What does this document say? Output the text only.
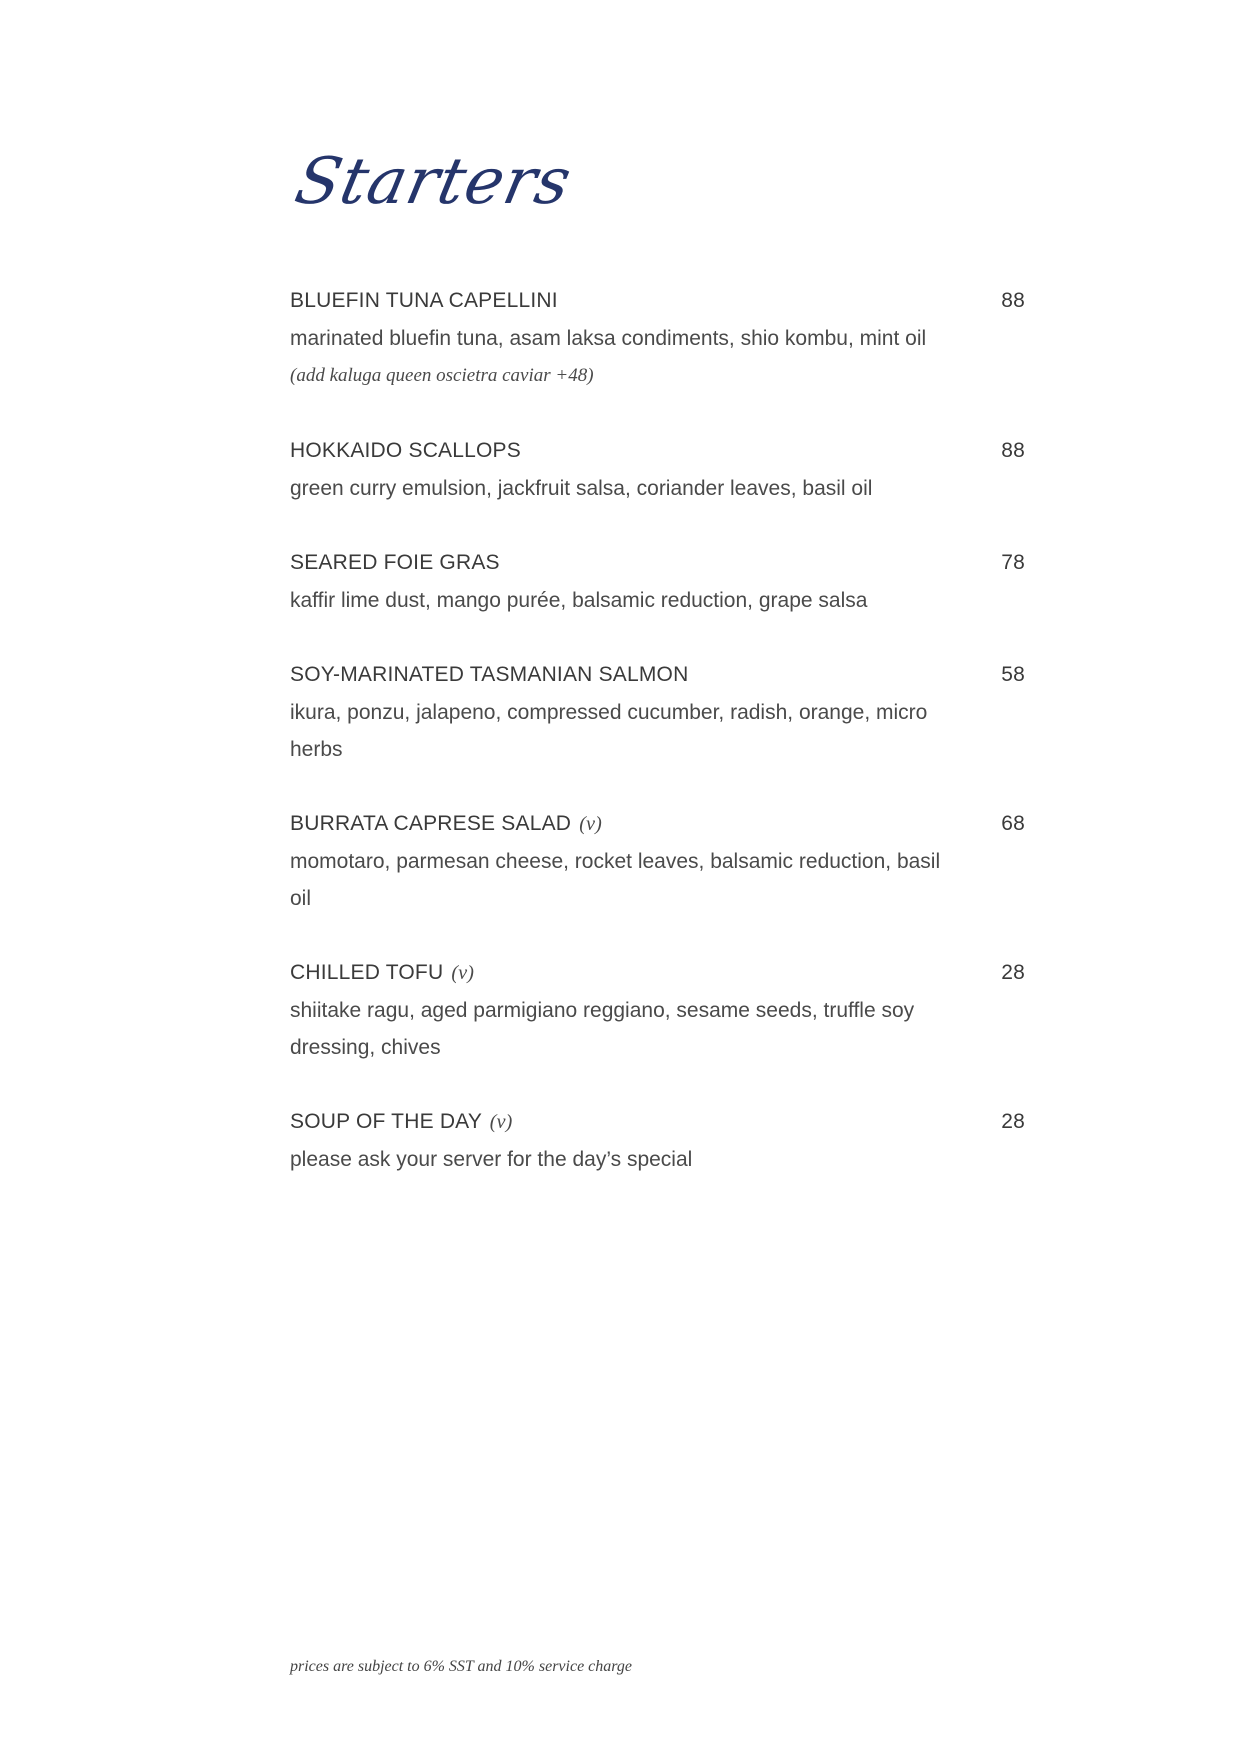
Starters
BLUEFIN TUNA CAPELLINI	88

marinated bluefin tuna, asam laksa condiments, shio kombu, mint oil

(add kaluga queen oscietra caviar +48)

HOKKAIDO SCALLOPS	88

green curry emulsion, jackfruit salsa, coriander leaves, basil oil

SEARED FOIE GRAS	78

kaffir lime dust, mango purée, balsamic reduction, grape salsa

SOY-MARINATED TASMANIAN SALMON	58

ikura, ponzu, jalapeno, compressed cucumber, radish, orange, micro herbs

BURRATA CAPRESE SALAD (v)	68

momotaro, parmesan cheese, rocket leaves, balsamic reduction, basil oil

CHILLED TOFU (v)	28

shiitake ragu, aged parmigiano reggiano, sesame seeds, truffle soy dressing, chives

SOUP OF THE DAY (v)	28

please ask your server for the day’s special

prices are subject to 6% SST and 10% service charge
